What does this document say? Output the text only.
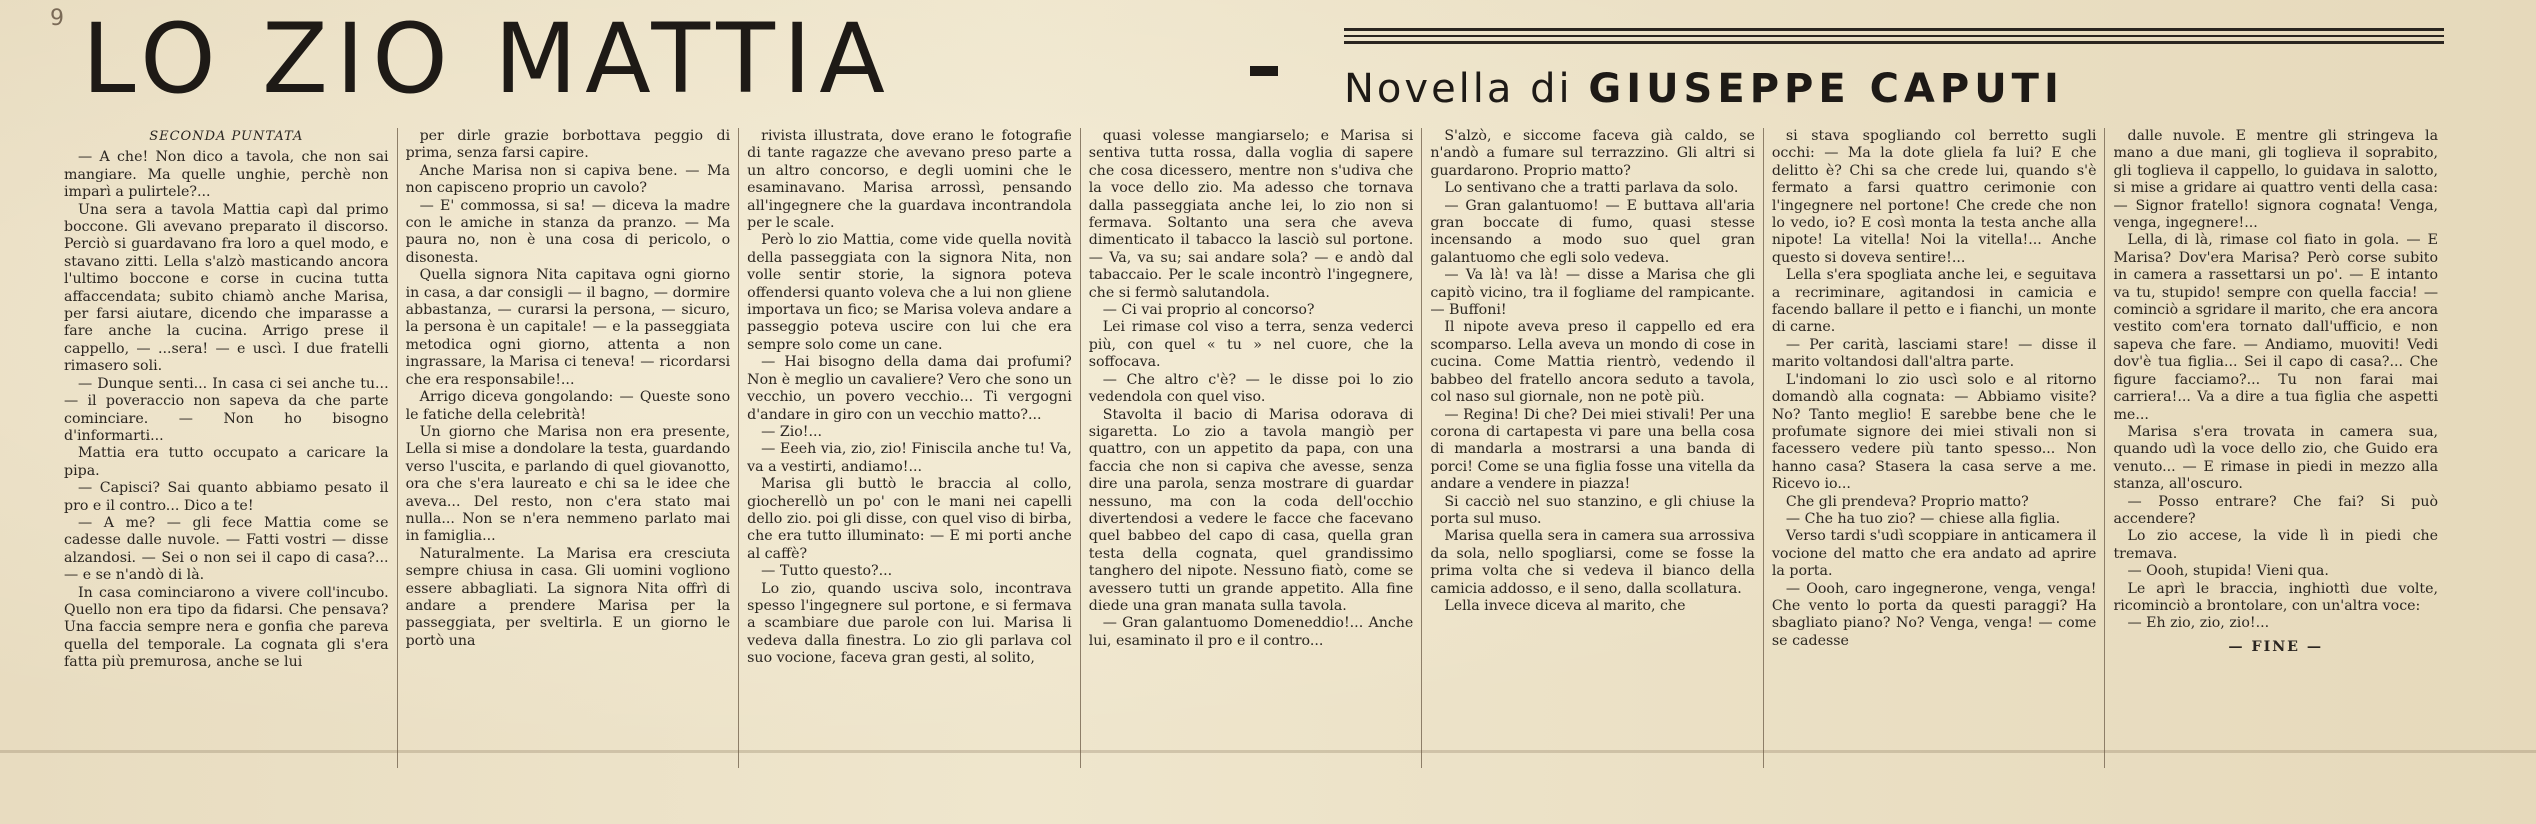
9 LO ZIO MATTIA	Novella di GIUSEPPE CAPUTI

SECONDA PUNTATA

— A che! Non dico a tavola, che non sai mangiare. Ma quelle unghie, perchè non imparì a pulirtele?...

Una sera a tavola Mattia capì dal primo boccone. Gli avevano preparato il discorso. Perciò si guardavano fra loro a quel modo, e stavano zitti. Lella s'alzò masticando ancora l'ultimo boccone e corse in cucina tutta affaccendata; subito chiamò anche Marisa, per farsi aiutare, dicendo che imparasse a fare anche la cucina. Arrigo prese il cappello, — ...sera! — e uscì. I due fratelli rimasero soli.

— Dunque senti... In casa ci sei anche tu... — il poveraccio non sapeva da che parte cominciare. — Non ho bisogno d'informarti...

Mattia era tutto occupato a caricare la pipa.

— Capisci? Sai quanto abbiamo pesato il pro e il contro... Dico a te!

— A me? — gli fece Mattia come se cadesse dalle nuvole. — Fatti vostri — disse alzandosi. — Sei o non sei il capo di casa?... — e se n'andò di là.

In casa cominciarono a vivere coll'incubo. Quello non era tipo da fidarsi. Che pensava? Una faccia sempre nera e gonfia che pareva quella del temporale. La cognata gli s'era fatta più premurosa, anche se lui

per dirle grazie borbottava peggio di prima, senza farsi capire.

Anche Marisa non si capiva bene. — Ma non capisceno proprio un cavolo?

— E' commossa, si sa! — diceva la madre con le amiche in stanza da pranzo. — Ma paura no, non è una cosa di pericolo, o disonesta.

Quella signora Nita capitava ogni giorno in casa, a dar consigli — il bagno, — dormire abbastanza, — curarsi la persona, — sicuro, la persona è un capitale! — e la passeggiata metodica ogni giorno, attenta a non ingrassare, la Marisa ci teneva! — ricordarsi che era responsabile!...

Arrigo diceva gongolando: — Queste sono le fatiche della celebrità!

Un giorno che Marisa non era presente, Lella si mise a dondolare la testa, guardando verso l'uscita, e parlando di quel giovanotto, ora che s'era laureato e chi sa le idee che aveva... Del resto, non c'era stato mai nulla... Non se n'era nemmeno parlato mai in famiglia...

Naturalmente. La Marisa era cresciuta sempre chiusa in casa. Gli uomini vogliono essere abbagliati. La signora Nita offrì di andare a prendere Marisa per la passeggiata, per sveltirla. E un giorno le portò una

rivista illustrata, dove erano le fotografie di tante ragazze che avevano preso parte a un altro concorso, e degli uomini che le esaminavano. Marisa arrossì, pensando all'ingegnere che la guardava incontrandola per le scale.

Però lo zio Mattia, come vide quella novità della passeggiata con la signora Nita, non volle sentir storie, la signora poteva offendersi quanto voleva che a lui non gliene importava un fico; se Marisa voleva andare a passeggio poteva uscire con lui che era sempre solo come un cane.

— Hai bisogno della dama dai profumi? Non è meglio un cavaliere? Vero che sono un vecchio, un povero vecchio... Ti vergogni d'andare in giro con un vecchio matto?...

— Zio!...

— Eeeh via, zio, zio! Finiscila anche tu! Va, va a vestirti, andiamo!...

Marisa gli buttò le braccia al collo, giocherellò un po' con le mani nei capelli dello zio. poi gli disse, con quel viso di birba, che era tutto illuminato: — E mi porti anche al caffè?

— Tutto questo?...

Lo zio, quando usciva solo, incontrava spesso l'ingegnere sul portone, e si fermava a scambiare due parole con lui. Marisa li vedeva dalla finestra. Lo zio gli parlava col suo vocione, faceva gran gesti, al solito,

quasi volesse mangiarselo; e Marisa si sentiva tutta rossa, dalla voglia di sapere che cosa dicessero, mentre non s'udiva che la voce dello zio. Ma adesso che tornava dalla passeggiata anche lei, lo zio non si fermava. Soltanto una sera che aveva dimenticato il tabacco la lasciò sul portone. — Va, va su; sai andare sola? — e andò dal tabaccaio. Per le scale incontrò l'ingegnere, che si fermò salutandola.

— Ci vai proprio al concorso?

Lei rimase col viso a terra, senza vederci più, con quel « tu » nel cuore, che la soffocava.

— Che altro c'è? — le disse poi lo zio vedendola con quel viso.

Stavolta il bacio di Marisa odorava di sigaretta. Lo zio a tavola mangiò per quattro, con un appetito da papa, con una faccia che non si capiva che avesse, senza dire una parola, senza mostrare di guardar nessuno, ma con la coda dell'occhio divertendosi a vedere le facce che facevano quel babbeo del capo di casa, quella gran testa della cognata, quel grandissimo tanghero del nipote. Nessuno fiatò, come se avessero tutti un grande appetito. Alla fine diede una gran manata sulla tavola.

— Gran galantuomo Domeneddio!... Anche lui, esaminato il pro e il contro...

S'alzò, e siccome faceva già caldo, se n'andò a fumare sul terrazzino. Gli altri si guardarono. Proprio matto?

Lo sentivano che a tratti parlava da solo.

— Gran galantuomo! — E buttava all'aria gran boccate di fumo, quasi stesse incensando a modo suo quel gran galantuomo che egli solo vedeva.

— Va là! va là! — disse a Marisa che gli capitò vicino, tra il fogliame del rampicante. — Buffoni!

Il nipote aveva preso il cappello ed era scomparso. Lella aveva un mondo di cose in cucina. Come Mattia rientrò, vedendo il babbeo del fratello ancora seduto a tavola, col naso sul giornale, non ne potè più.

— Regina! Di che? Dei miei stivali! Per una corona di cartapesta vi pare una bella cosa di mandarla a mostrarsi a una banda di porci! Come se una figlia fosse una vitella da andare a vendere in piazza!

Si cacciò nel suo stanzino, e gli chiuse la porta sul muso.

Marisa quella sera in camera sua arrossiva da sola, nello spogliarsi, come se fosse la prima volta che si vedeva il bianco della camicia addosso, e il seno, dalla scollatura.

Lella invece diceva al marito, che

si stava spogliando col berretto sugli occhi: — Ma la dote gliela fa lui? E che delitto è? Chi sa che crede lui, quando s'è fermato a farsi quattro cerimonie con l'ingegnere nel portone! Che crede che non lo vedo, io? E così monta la testa anche alla nipote! La vitella! Noi la vitella!... Anche questo si doveva sentire!...

Lella s'era spogliata anche lei, e seguitava a recriminare, agitandosi in camicia e facendo ballare il petto e i fianchi, un monte di carne.

— Per carità, lasciami stare! — disse il marito voltandosi dall'altra parte.

L'indomani lo zio uscì solo e al ritorno domandò alla cognata: — Abbiamo visite? No? Tanto meglio! E sarebbe bene che le profumate signore dei miei stivali non si facessero vedere più tanto spesso... Non hanno casa? Stasera la casa serve a me. Ricevo io...

Che gli prendeva? Proprio matto?

— Che ha tuo zio? — chiese alla figlia.

Verso tardi s'udì scoppiare in anticamera il vocione del matto che era andato ad aprire la porta.

— Oooh, caro ingegnerone, venga, venga! Che vento lo porta da questi paraggi? Ha sbagliato piano? No? Venga, venga! — come se cadesse

dalle nuvole. E mentre gli stringeva la mano a due mani, gli toglieva il soprabito, gli toglieva il cappello, lo guidava in salotto, si mise a gridare ai quattro venti della casa: — Signor fratello! signora cognata! Venga, venga, ingegnere!...

Lella, di là, rimase col fiato in gola. — E Marisa? Dov'era Marisa? Però corse subito in camera a rassettarsi un po'. — E intanto va tu, stupido! sempre con quella faccia! — cominciò a sgridare il marito, che era ancora vestito com'era tornato dall'ufficio, e non sapeva che fare. — Andiamo, muoviti! Vedi dov'è tua figlia... Sei il capo di casa?... Che figure facciamo?... Tu non farai mai carriera!... Va a dire a tua figlia che aspetti me...

Marisa s'era trovata in camera sua, quando udì la voce dello zio, che Guido era venuto... — E rimase in piedi in mezzo alla stanza, all'oscuro.

— Posso entrare? Che fai? Si può accendere?

Lo zio accese, la vide lì in piedi che tremava.

— Oooh, stupida! Vieni qua.

Le aprì le braccia, inghiottì due volte, ricominciò a brontolare, con un'altra voce:

— Eh zio, zio, zio!...

— FINE —
